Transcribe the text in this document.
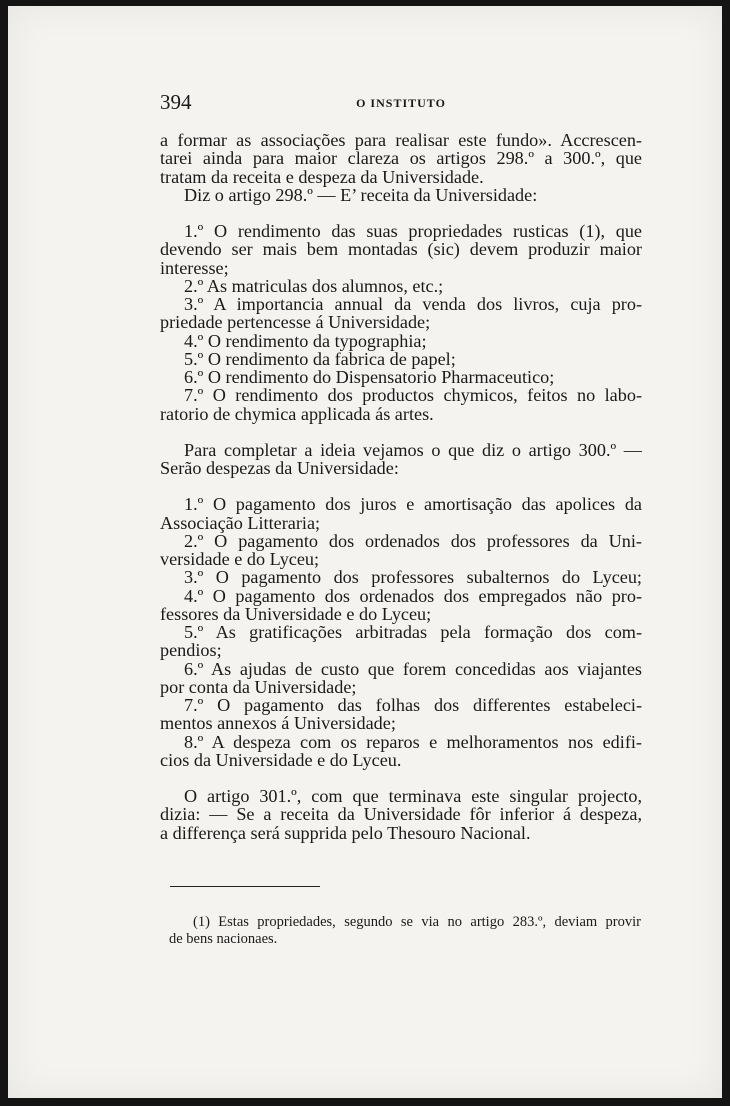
394	O INSTITUTO
a formar as associações para realisar este fundo». Accrescen-
tarei ainda para maior clareza os artigos 298.º a 300.º, que
tratam da receita e despeza da Universidade.
Diz o artigo 298.º — E’ receita da Universidade:
1.º O rendimento das suas propriedades rusticas (1), que
devendo ser mais bem montadas (sic) devem produzir maior
interesse;
2.º As matriculas dos alumnos, etc.;
3.º A importancia annual da venda dos livros, cuja pro-
priedade pertencesse á Universidade;
4.º O rendimento da typographia;
5.º O rendimento da fabrica de papel;
6.º O rendimento do Dispensatorio Pharmaceutico;
7.º O rendimento dos productos chymicos, feitos no labo-
ratorio de chymica applicada ás artes.
Para completar a ideia vejamos o que diz o artigo 300.º —
Serão despezas da Universidade:
1.º O pagamento dos juros e amortisação das apolices da
Associação Litteraria;
2.º O pagamento dos ordenados dos professores da Uni-
versidade e do Lyceu;
3.º O pagamento dos professores subalternos do Lyceu;
4.º O pagamento dos ordenados dos empregados não pro-
fessores da Universidade e do Lyceu;
5.º As gratificações arbitradas pela formação dos com-
pendios;
6.º As ajudas de custo que forem concedidas aos viajantes
por conta da Universidade;
7.º O pagamento das folhas dos differentes estabeleci-
mentos annexos á Universidade;
8.º A despeza com os reparos e melhoramentos nos edifi-
cios da Universidade e do Lyceu.
O artigo 301.º, com que terminava este singular projecto,
dizia: — Se a receita da Universidade fôr inferior á despeza,
a differença será supprida pelo Thesouro Nacional.
(1) Estas propriedades, segundo se via no artigo 283.º, deviam provir
de bens nacionaes.
